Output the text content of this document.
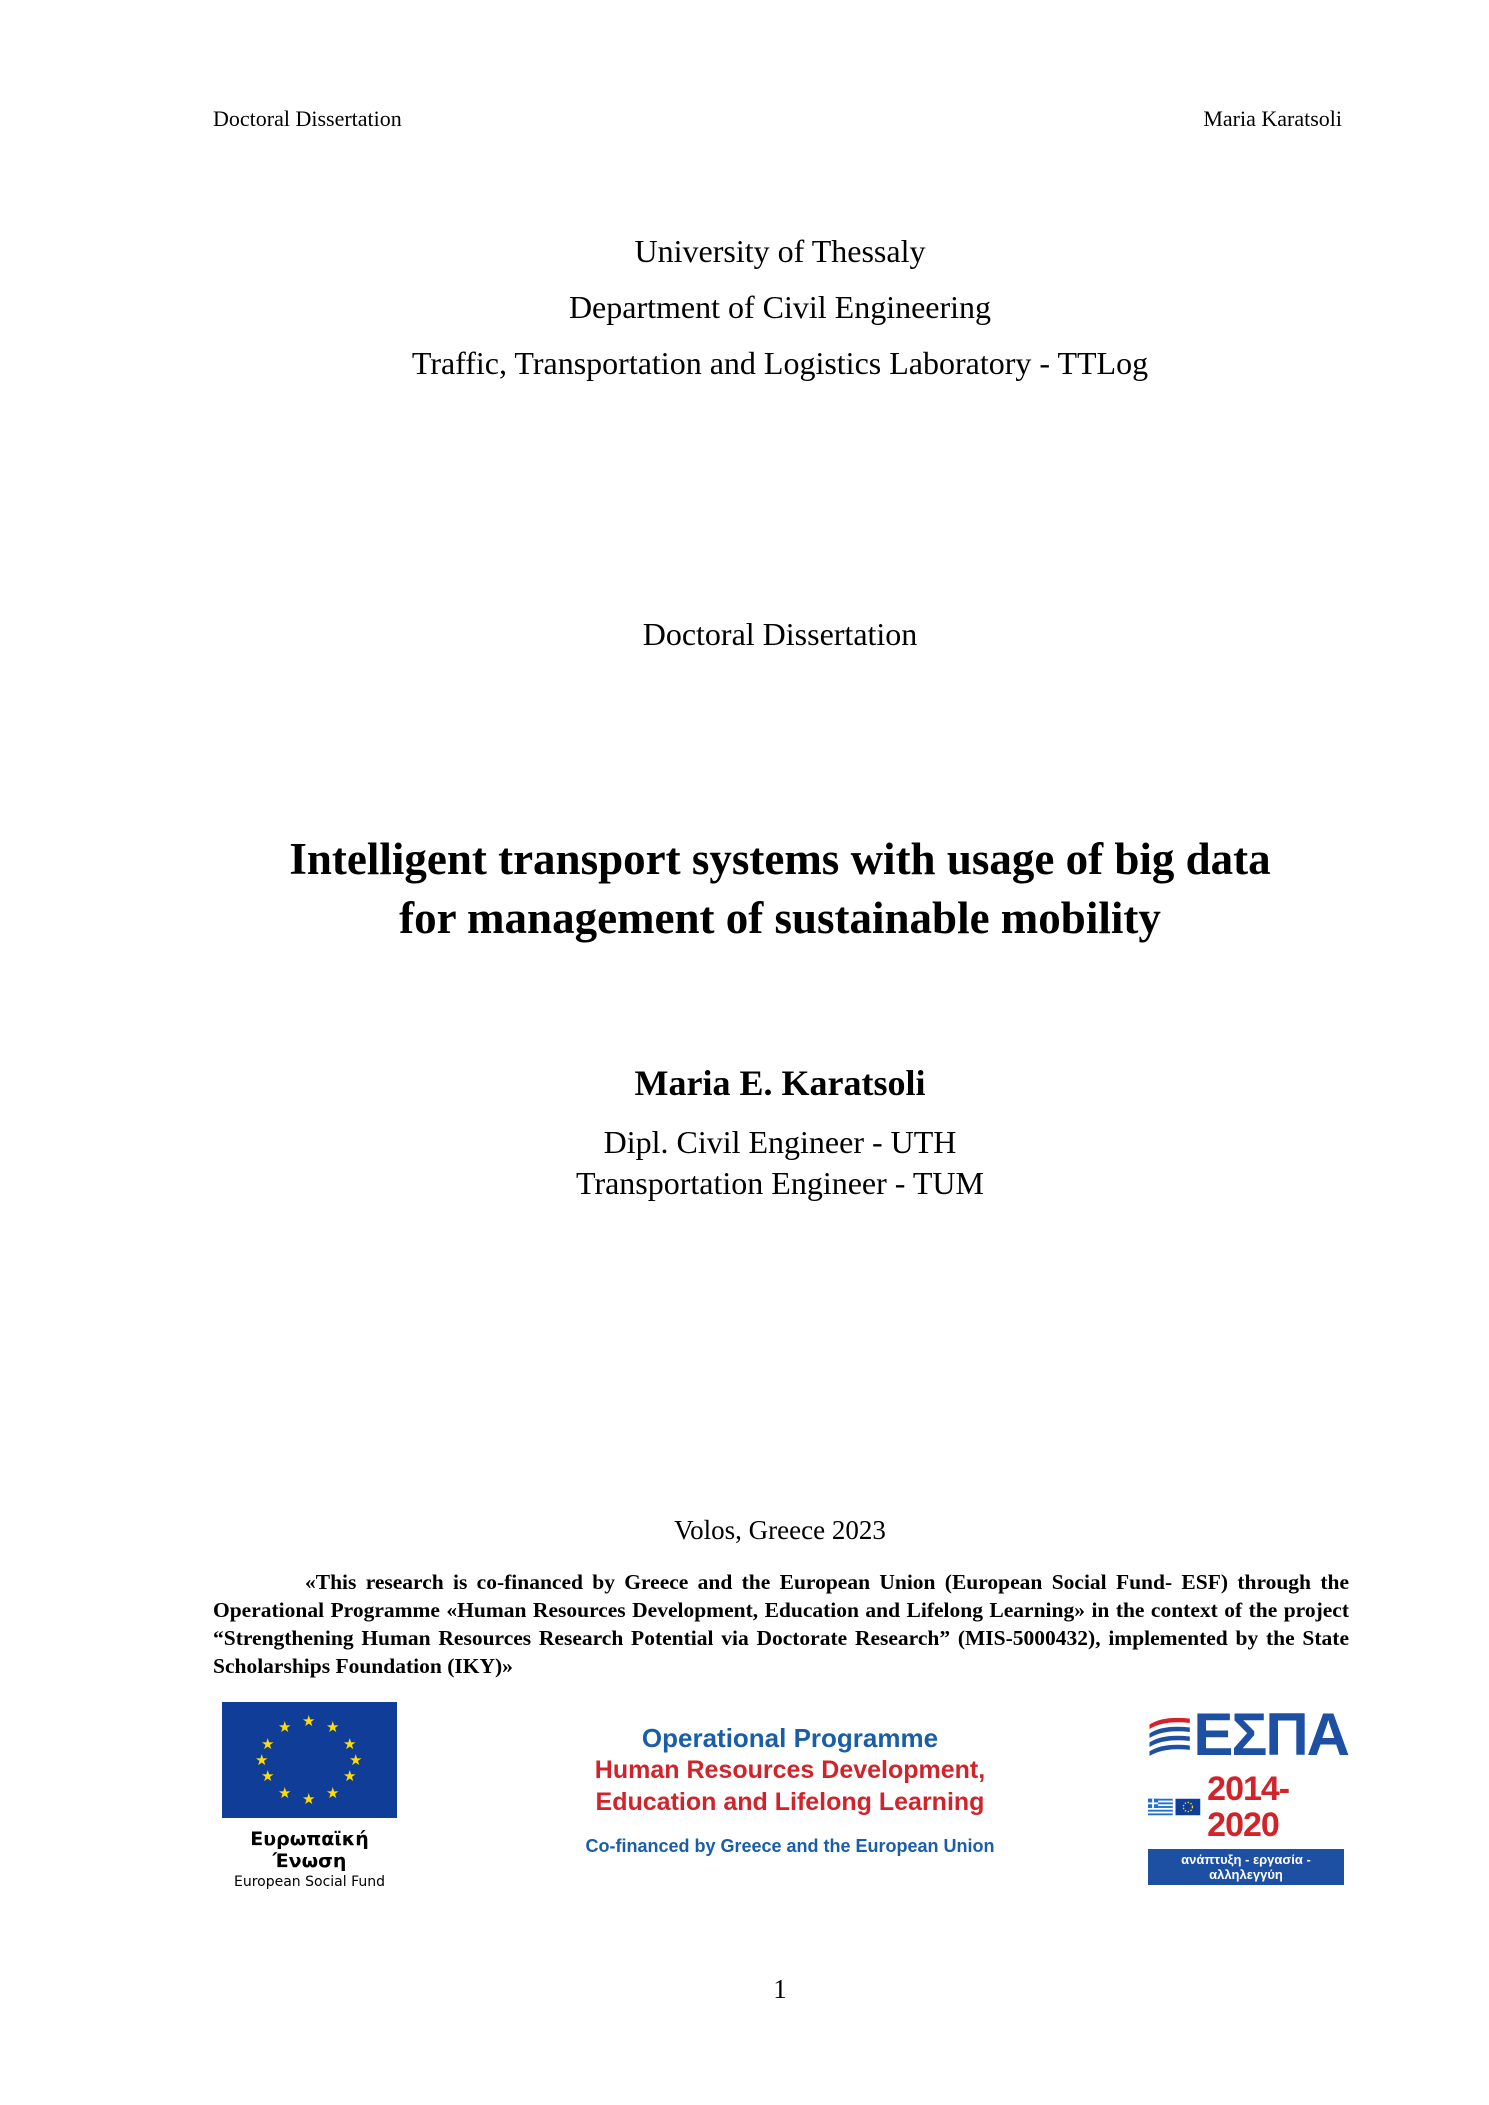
Doctoral Dissertation	Maria Karatsoli
University of Thessaly
Department of Civil Engineering
Traffic, Transportation and Logistics Laboratory - TTLog
Doctoral Dissertation
Intelligent transport systems with usage of big data
for management of sustainable mobility
Maria E. Karatsoli
Dipl. Civil Engineer - UTH
Transportation Engineer - TUM
Volos, Greece 2023
«This research is co-financed by Greece and the European Union (European Social Fund- ESF) through the Operational Programme «Human Resources Development, Education and Lifelong Learning» in the context of the project “Strengthening Human Resources Research Potential via Doctorate Research” (MIS-5000432), implemented by the State Scholarships Foundation (IKY)»
★ ★
★
★
★
★
★
★
★
★
★
★
Ευρωπαϊκή Ένωση
European Social Fund
Operational Programme
Human Resources Development,
Education and Lifelong Learning
Co-financed by Greece and the European Union
ΕΣΠΑ
2014-2020
ανάπτυξη - εργασία - αλληλεγγύη
1
